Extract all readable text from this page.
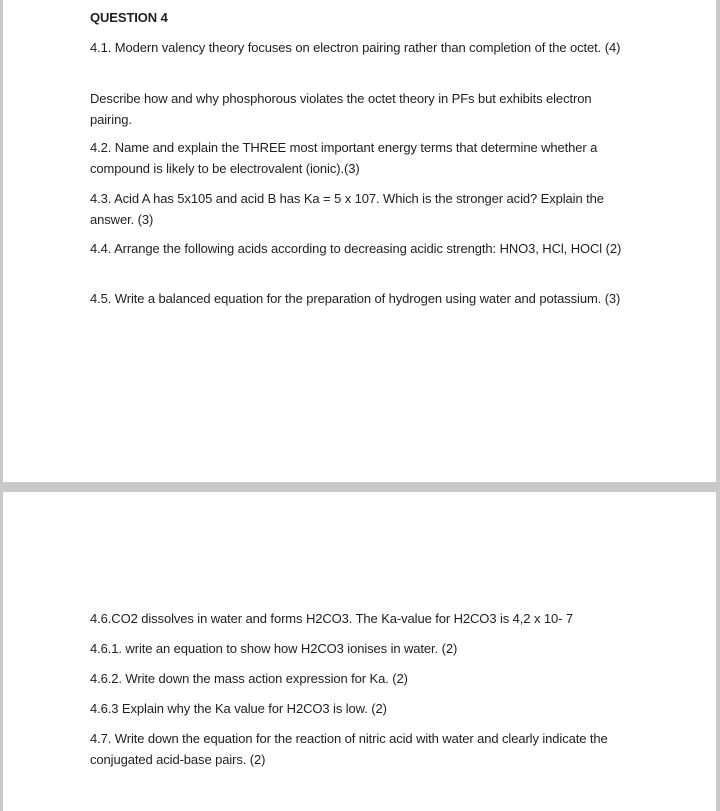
QUESTION 4

4.1. Modern valency theory focuses on electron pairing rather than completion of the octet. (4)

Describe how and why phosphorous violates the octet theory in PFs but exhibits electron pairing.

4.2. Name and explain the THREE most important energy terms that determine whether a compound is likely to be electrovalent (ionic).(3)

4.3. Acid A has 5x105 and acid B has Ka = 5 x 107. Which is the stronger acid? Explain the answer. (3)

4.4. Arrange the following acids according to decreasing acidic strength: HNO3, HCl, HOCl (2)

4.5. Write a balanced equation for the preparation of hydrogen using water and potassium. (3)

4.6.CO2 dissolves in water and forms H2CO3. The Ka-value for H2CO3 is 4,2 x 10- 7

4.6.1. write an equation to show how H2CO3 ionises in water. (2)

4.6.2. Write down the mass action expression for Ka. (2)

4.6.3 Explain why the Ka value for H2CO3 is low. (2)

4.7. Write down the equation for the reaction of nitric acid with water and clearly indicate the conjugated acid-base pairs. (2)
